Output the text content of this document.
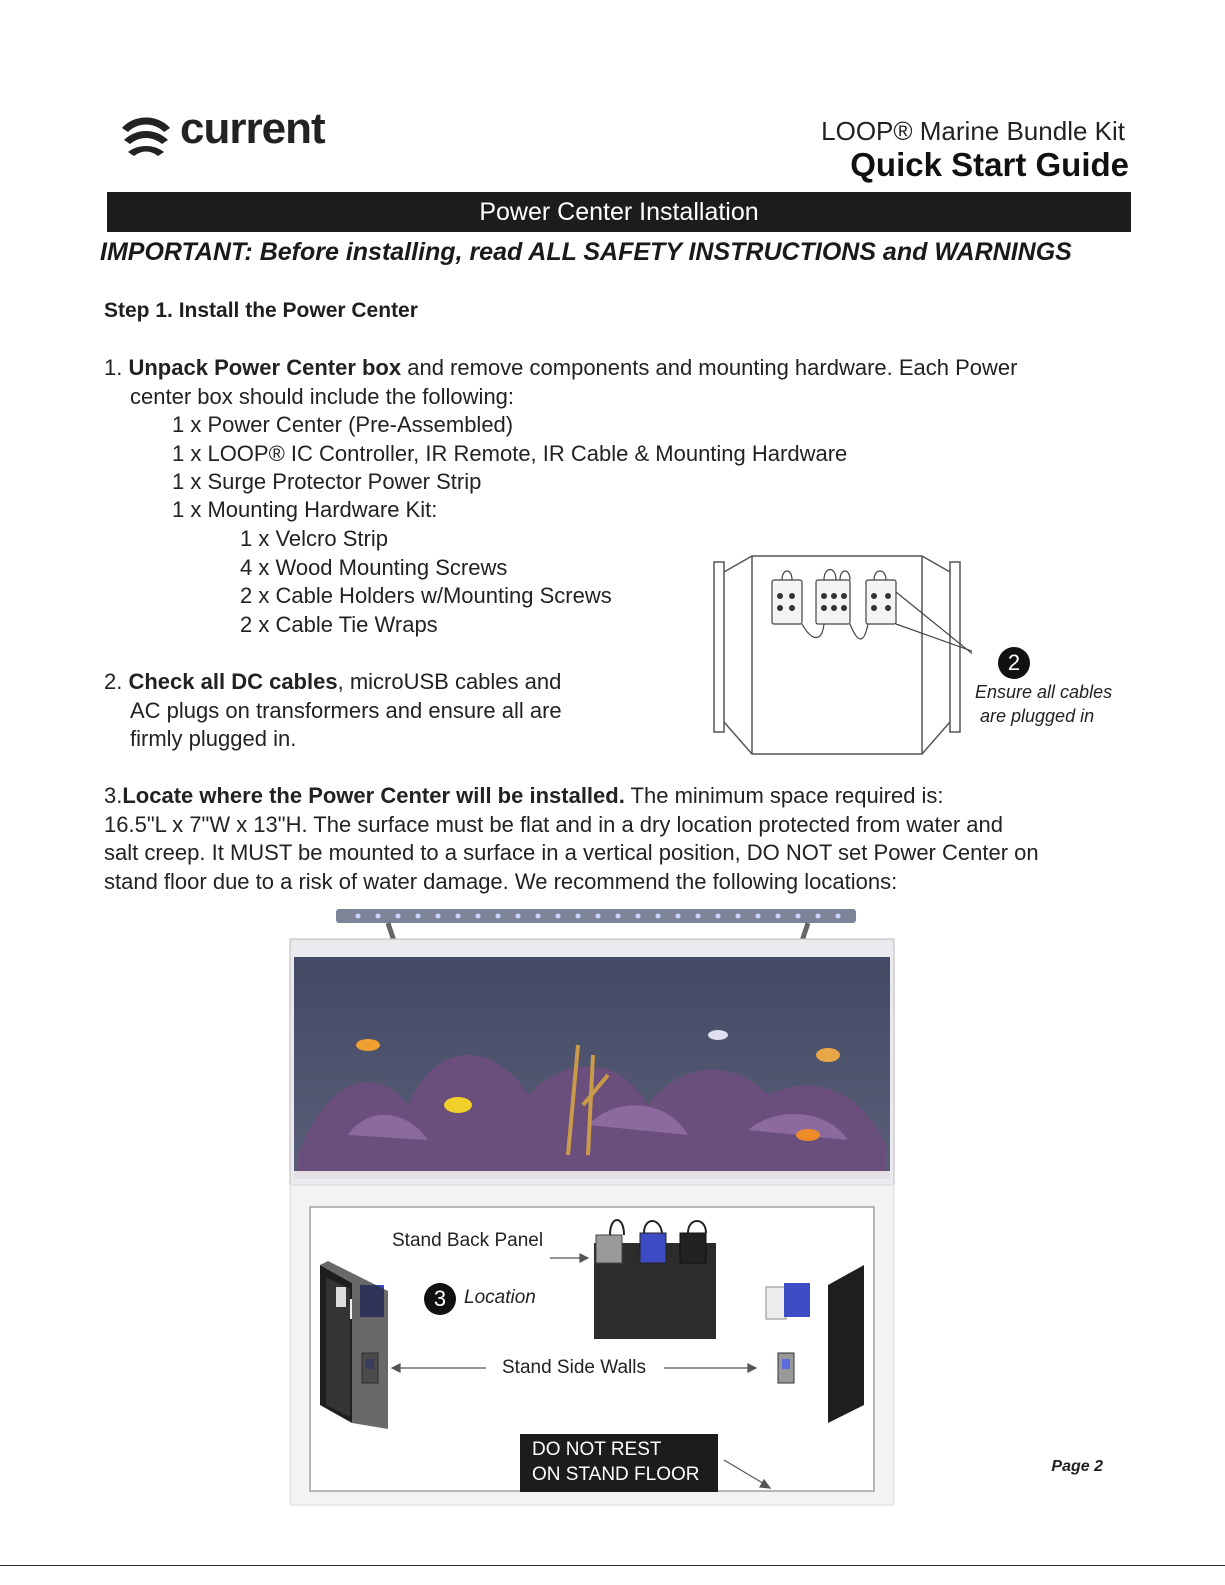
current	LOOP® Marine Bundle Kit
Quick Start Guide
Power Center Installation
IMPORTANT: Before installing, read ALL SAFETY INSTRUCTIONS and WARNINGS
Step 1. Install the Power Center
1. Unpack Power Center box and remove components and mounting hardware. Each Power
center box should include the following:
1 x Power Center (Pre-Assembled)
1 x LOOP® IC Controller, IR Remote, IR Cable & Mounting Hardware
1 x Surge Protector Power Strip
1 x Mounting Hardware Kit:
1 x Velcro Strip
4 x Wood Mounting Screws
2 x Cable Holders w/Mounting Screws
2 x Cable Tie Wraps
2. Check all DC cables, microUSB cables and
AC plugs on transformers and ensure all are
firmly plugged in.
2
Ensure all cables
are plugged in
3.Locate where the Power Center will be installed. The minimum space required is:
16.5"L x 7"W x 13"H. The surface must be flat and in a dry location protected from water and
salt creep. It MUST be mounted to a surface in a vertical position, DO NOT set Power Center on
stand floor due to a risk of water damage. We recommend the following locations:
Stand Back Panel
3 Location
Stand Side Walls
DO NOT REST
ON STAND FLOOR	Page 2
